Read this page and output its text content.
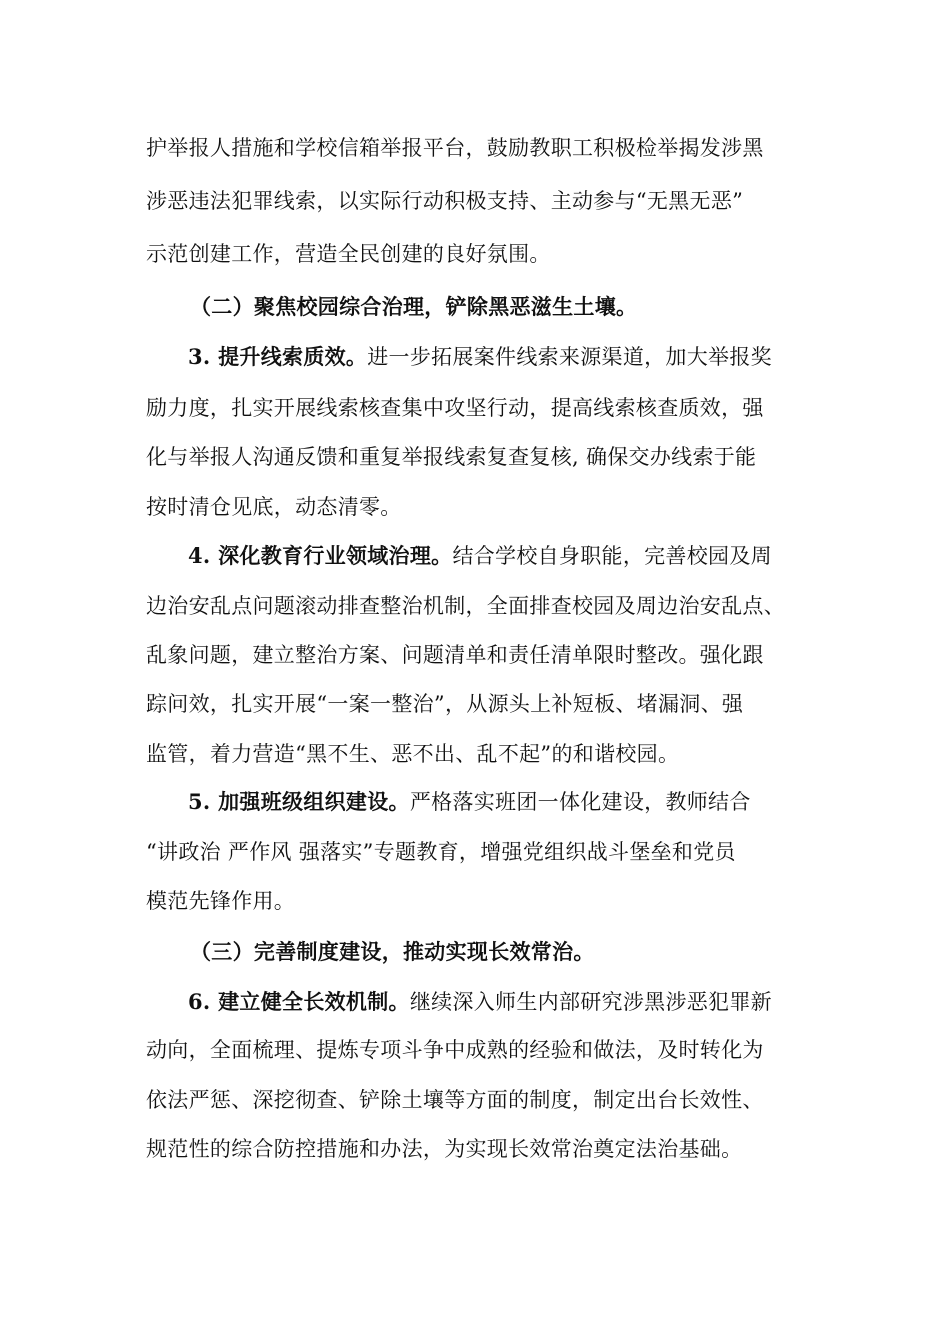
护举报人措施和学校信箱举报平台，鼓励教职工积极检举揭发涉黑
涉恶违法犯罪线索，以实际行动积极支持、主动参与“无黑无恶”
示范创建工作，营造全民创建的良好氛围。
（二）聚焦校园综合治理，铲除黑恶滋生土壤。
3. 提升线索质效。进一步拓展案件线索来源渠道，加大举报奖
励力度，扎实开展线索核查集中攻坚行动，提高线索核查质效，强
化与举报人沟通反馈和重复举报线索复查复核, 确保交办线索于能
按时清仓见底，动态清零。
4. 深化教育行业领域治理。结合学校自身职能，完善校园及周
边治安乱点问题滚动排查整治机制，全面排查校园及周边治安乱点、
乱象问题，建立整治方案、问题清单和责任清单限时整改。强化跟
踪问效，扎实开展“一案一整治”，从源头上补短板、堵漏洞、强
监管，着力营造“黑不生、恶不出、乱不起”的和谐校园。
5. 加强班级组织建设。严格落实班团一体化建设，教师结合
“讲政治 严作风 强落实”专题教育，增强党组织战斗堡垒和党员
模范先锋作用。
（三）完善制度建设，推动实现长效常治。
6. 建立健全长效机制。继续深入师生内部研究涉黑涉恶犯罪新
动向，全面梳理、提炼专项斗争中成熟的经验和做法，及时转化为
依法严惩、深挖彻查、铲除土壤等方面的制度，制定出台长效性、
规范性的综合防控措施和办法，为实现长效常治奠定法治基础。
